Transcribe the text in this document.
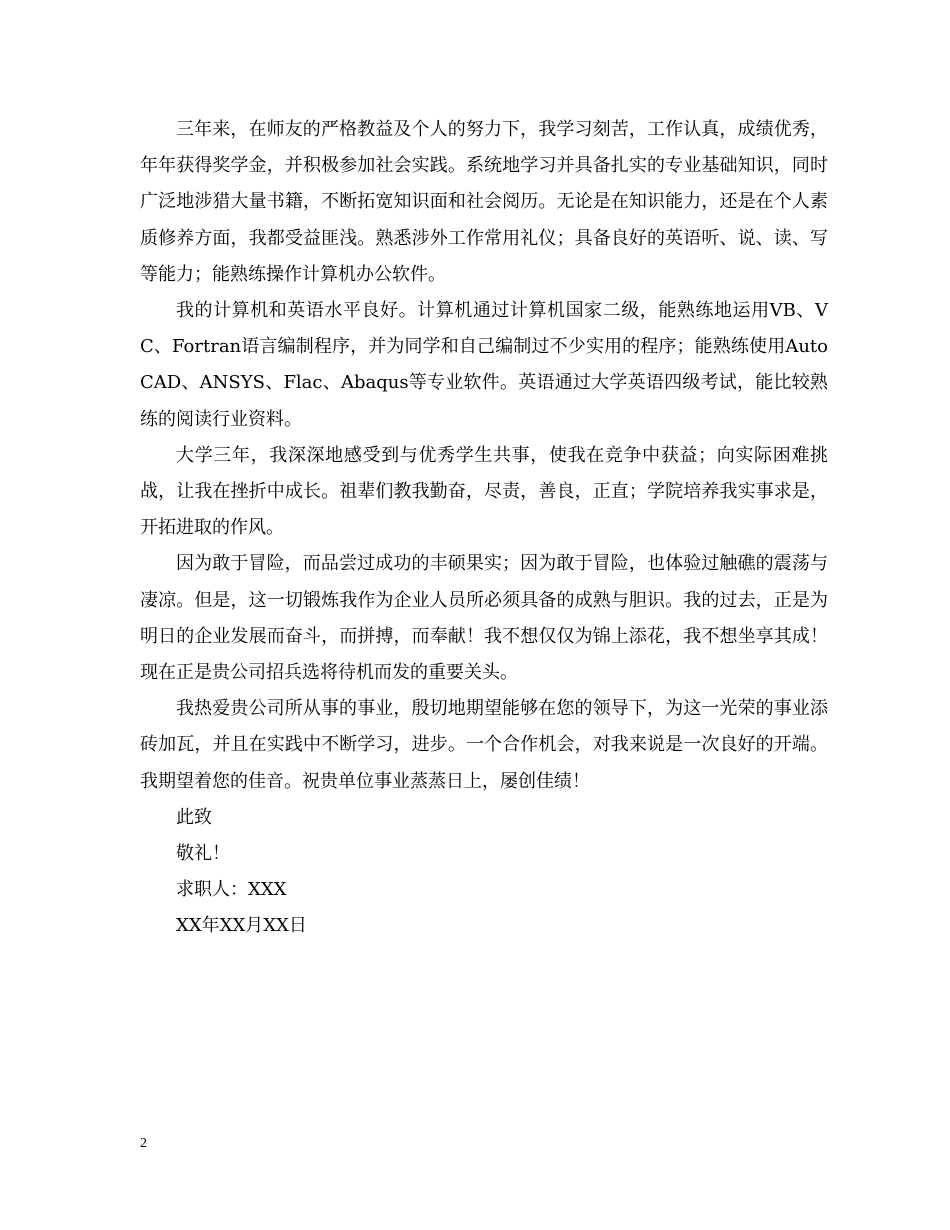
三年来，在师友的严格教益及个人的努力下，我学习刻苦，工作认真，成绩优秀，年年获得奖学金，并积极参加社会实践。系统地学习并具备扎实的专业基础知识，同时广泛地涉猎大量书籍，不断拓宽知识面和社会阅历。无论是在知识能力，还是在个人素质修养方面，我都受益匪浅。熟悉涉外工作常用礼仪；具备良好的英语听、说、读、写等能力；能熟练操作计算机办公软件。

我的计算机和英语水平良好。计算机通过计算机国家二级，能熟练地运用VB、VC、Fortran语言编制程序，并为同学和自己编制过不少实用的程序；能熟练使用AutoCAD、ANSYS、Flac、Abaqus等专业软件。英语通过大学英语四级考试，能比较熟练的阅读行业资料。

大学三年，我深深地感受到与优秀学生共事，使我在竞争中获益；向实际困难挑战，让我在挫折中成长。祖辈们教我勤奋，尽责，善良，正直；学院培养我实事求是，开拓进取的作风。

因为敢于冒险，而品尝过成功的丰硕果实；因为敢于冒险，也体验过触礁的震荡与凄凉。但是，这一切锻炼我作为企业人员所必须具备的成熟与胆识。我的过去，正是为明日的企业发展而奋斗，而拼搏，而奉献！我不想仅仅为锦上添花，我不想坐享其成！现在正是贵公司招兵选将待机而发的重要关头。

我热爱贵公司所从事的事业，殷切地期望能够在您的领导下，为这一光荣的事业添砖加瓦，并且在实践中不断学习，进步。一个合作机会，对我来说是一次良好的开端。我期望着您的佳音。祝贵单位事业蒸蒸日上，屡创佳绩！

此致

敬礼！

求职人：XXX

XX年XX月XX日

2
